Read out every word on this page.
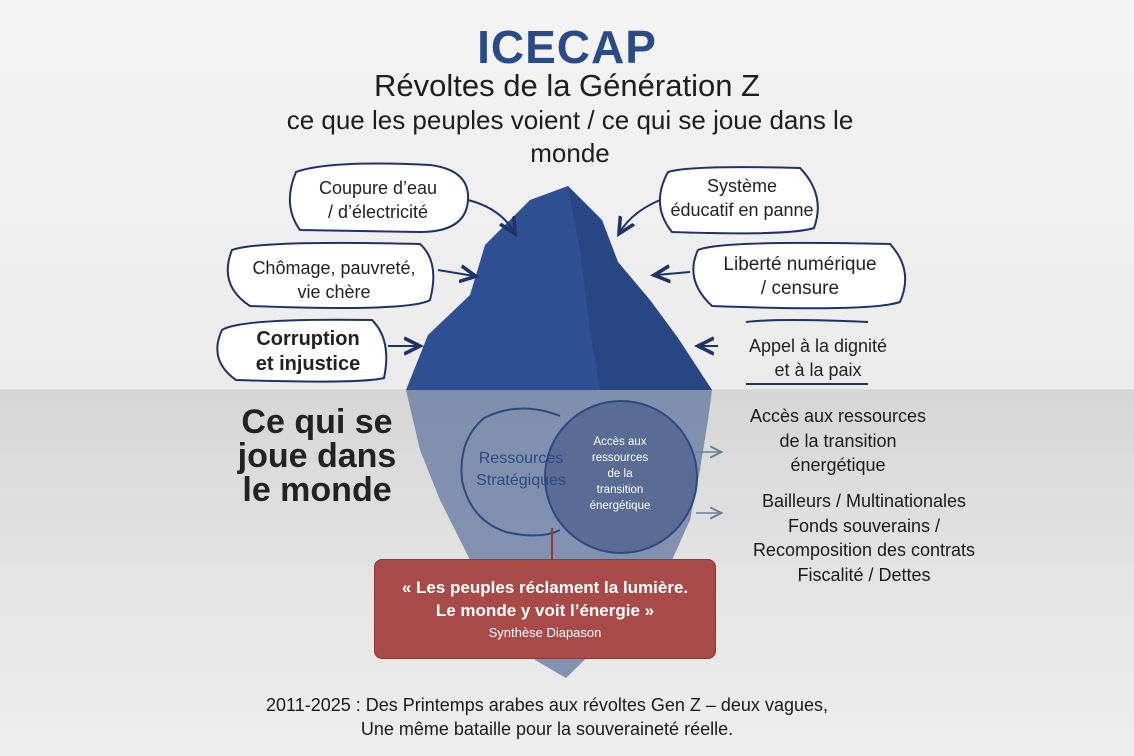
ICECAP
Révoltes de la Génération Z
ce que les peuples voient / ce qui se joue dans le monde
Coupure d’eau
/ d’électricité
Chômage, pauvreté,
vie chère
Corruption
et injustice
Système
éducatif en panne
Liberté numérique
/ censure
Appel à la dignité
et à la paix
Ce qui se
joue dans
le monde
Ressources
Stratégiques
Accès aux
ressources
de la
transition
énergétique
Accès aux ressources
de la transition
énergétique
Bailleurs / Multinationales
Fonds souverains /
Recomposition des contrats
Fiscalité / Dettes
« Les peuples réclament la lumière.
Le monde y voit l’énergie »
Synthèse Diapason
2011-2025 : Des Printemps arabes aux révoltes Gen Z – deux vagues,
Une même bataille pour la souveraineté réelle.
